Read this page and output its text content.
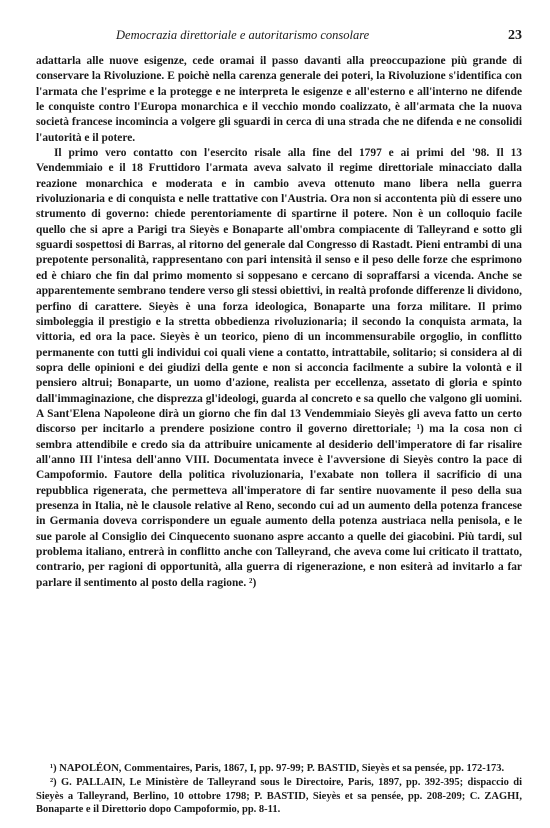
Democrazia direttoriale e autoritarismo consolare	23

adattarla alle nuove esigenze, cede oramai il passo davanti alla preoccupazione più grande di conservare la Rivoluzione. E poichè nella carenza generale dei poteri, la Rivoluzione s'identifica con l'armata che l'esprime e la protegge e ne interpreta le esigenze e all'esterno e all'interno ne difende le conquiste contro l'Europa monarchica e il vecchio mondo coalizzato, è all'armata che la nuova società francese incomincia a volgere gli sguardi in cerca di una strada che ne difenda e ne consolidi l'autorità e il potere.

Il primo vero contatto con l'esercito risale alla fine del 1797 e ai primi del '98. Il 13 Vendemmiaio e il 18 Fruttidoro l'armata aveva salvato il regime direttoriale minacciato dalla reazione monarchica e moderata e in cambio aveva ottenuto mano libera nella guerra rivoluzionaria e di conquista e nelle trattative con l'Austria. Ora non si accontenta più di essere uno strumento di governo: chiede perentoriamente di spartirne il potere. Non è un colloquio facile quello che si apre a Parigi tra Sieyès e Bonaparte all'ombra compiacente di Talleyrand e sotto gli sguardi sospettosi di Barras, al ritorno del generale dal Congresso di Rastadt. Pieni entrambi di una prepotente personalità, rappresentano con pari intensità il senso e il peso delle forze che esprimono ed è chiaro che fin dal primo momento si soppesano e cercano di sopraffarsi a vicenda. Anche se apparentemente sembrano tendere verso gli stessi obiettivi, in realtà profonde differenze li dividono, perfino di carattere. Sieyès è una forza ideologica, Bonaparte una forza militare. Il primo simboleggia il prestigio e la stretta obbedienza rivoluzionaria; il secondo la conquista armata, la vittoria, ed ora la pace. Sieyès è un teorico, pieno di un incommensurabile orgoglio, in conflitto permanente con tutti gli individui coi quali viene a contatto, intrattabile, solitario; si considera al di sopra delle opinioni e dei giudizi della gente e non si acconcia facilmente a subire la volontà e il pensiero altrui; Bonaparte, un uomo d'azione, realista per eccellenza, assetato di gloria e spinto dall'immaginazione, che disprezza gl'ideologi, guarda al concreto e sa quello che valgono gli uomini. A Sant'Elena Napoleone dirà un giorno che fin dal 13 Vendemmiaio Sieyès gli aveva fatto un certo discorso per incitarlo a prendere posizione contro il governo direttoriale; ¹) ma la cosa non ci sembra attendibile e credo sia da attribuire unicamente al desiderio dell'imperatore di far risalire all'anno III l'intesa dell'anno VIII. Documentata invece è l'avversione di Sieyès contro la pace di Campoformio. Fautore della politica rivoluzionaria, l'exabate non tollera il sacrificio di una repubblica rigenerata, che permetteva all'imperatore di far sentire nuovamente il peso della sua presenza in Italia, nè le clausole relative al Reno, secondo cui ad un aumento della potenza francese in Germania doveva corrispondere un eguale aumento della potenza austriaca nella penisola, e le sue parole al Consiglio dei Cinquecento suonano aspre accanto a quelle dei giacobini. Più tardi, sul problema italiano, entrerà in conflitto anche con Talleyrand, che aveva come lui criticato il trattato, contrario, per ragioni di opportunità, alla guerra di rigenerazione, e non esiterà ad invitarlo a far parlare il sentimento al posto della ragione. ²)

¹) NAPOLÉON, Commentaires, Paris, 1867, I, pp. 97-99; P. BASTID, Sieyès et sa pensée, pp. 172-173.

²) G. PALLAIN, Le Ministère de Talleyrand sous le Directoire, Paris, 1897, pp. 392-395; dispaccio di Sieyès a Talleyrand, Berlino, 10 ottobre 1798; P. BASTID, Sieyès et sa pensée, pp. 208-209; C. ZAGHI, Bonaparte e il Direttorio dopo Campoformio, pp. 8-11.
